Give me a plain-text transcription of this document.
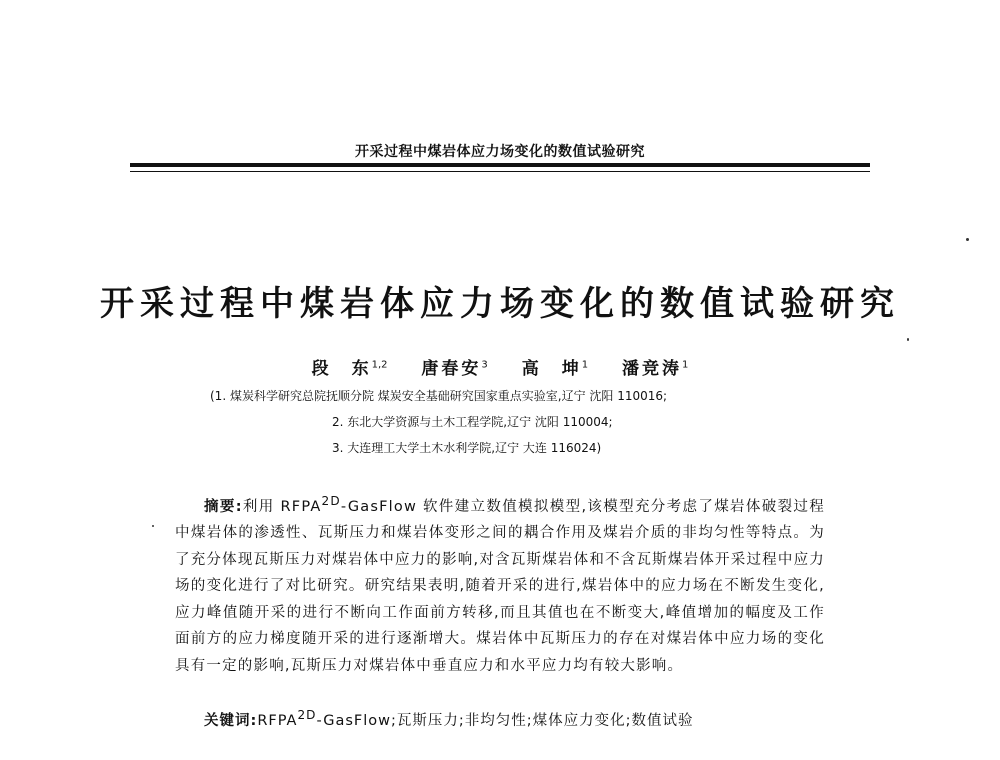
开采过程中煤岩体应力场变化的数值试验研究
开采过程中煤岩体应力场变化的数值试验研究
段　东$^{1,2}$ 唐春安$^3$ 高　坤$^1$ 潘竞涛$^1$
(1. 煤炭科学研究总院抚顺分院 煤炭安全基础研究国家重点实验室,辽宁 沈阳 110016;
2. 东北大学资源与土木工程学院,辽宁 沈阳 110004;
3. 大连理工大学土木水利学院,辽宁 大连 116024)
摘要:利用 $RFPA^{2D}$-GasFlow 软件建立数值模拟模型,该模型充分考虑了煤岩体破裂过程中煤岩体的渗透性、瓦斯压力和煤岩体变形之间的耦合作用及煤岩介质的非均匀性等特点。为了充分体现瓦斯压力对煤岩体中应力的影响,对含瓦斯煤岩体和不含瓦斯煤岩体开采过程中应力场的变化进行了对比研究。研究结果表明,随着开采的进行,煤岩体中的应力场在不断发生变化,应力峰值随开采的进行不断向工作面前方转移,而且其值也在不断变大,峰值增加的幅度及工作面前方的应力梯度随开采的进行逐渐增大。煤岩体中瓦斯压力的存在对煤岩体中应力场的变化具有一定的影响,瓦斯压力对煤岩体中垂直应力和水平应力均有较大影响。
关键词$:RFPA^{2D}$-GasFlow;瓦斯压力;非均匀性;煤体应力变化;数值试验
